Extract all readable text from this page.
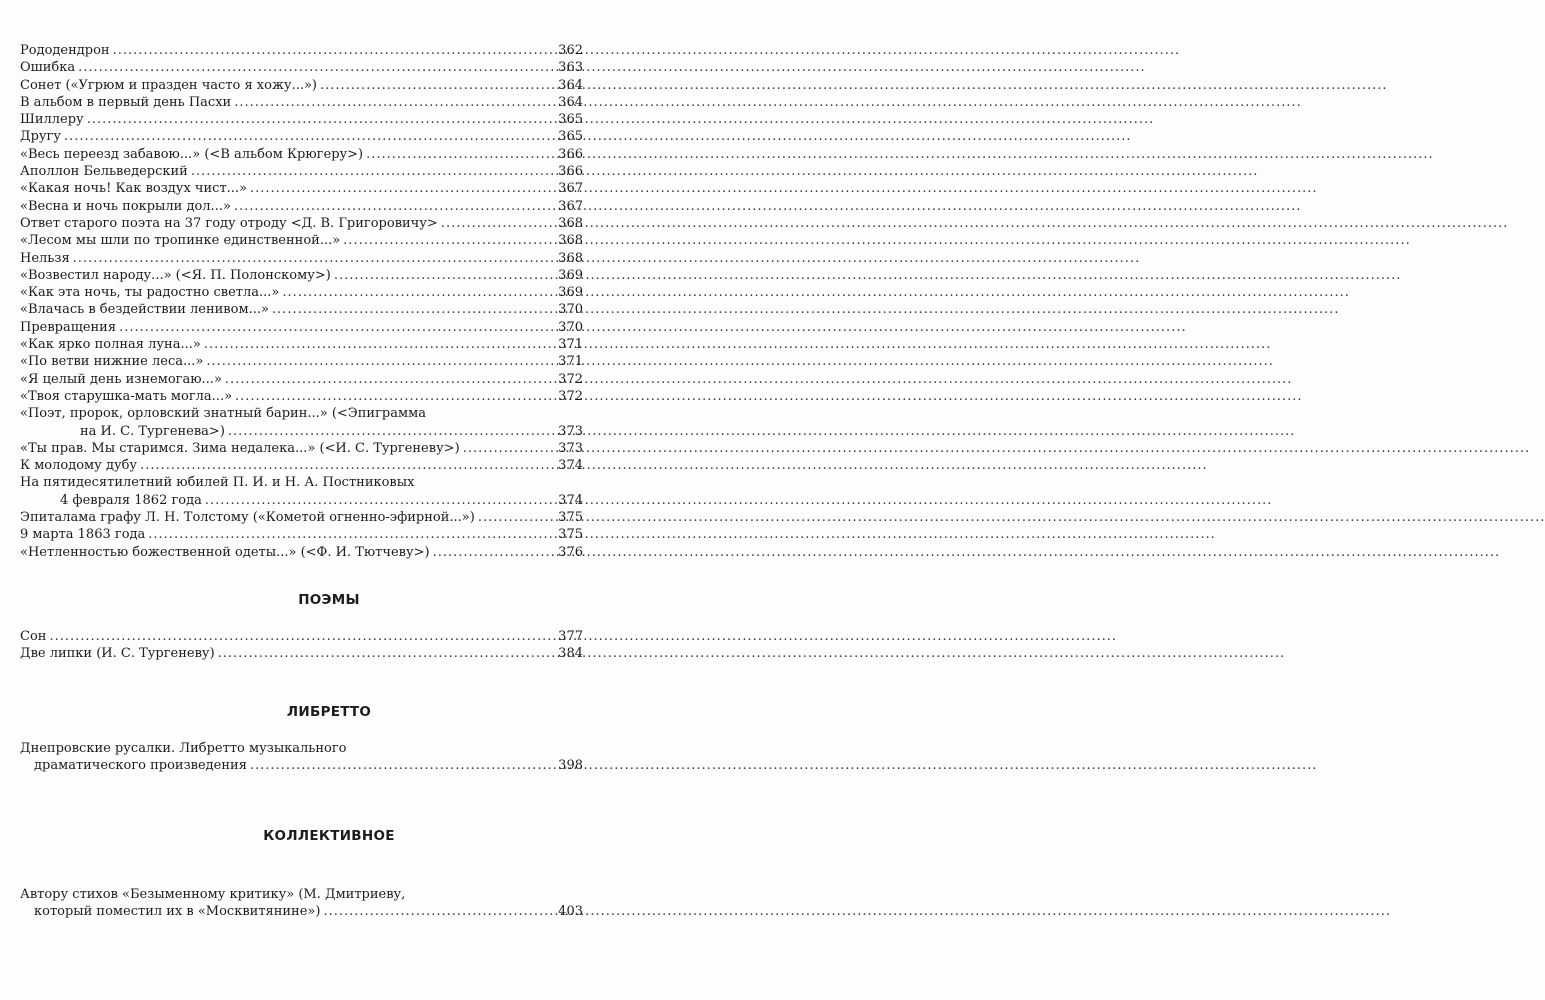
Рододендрон .....	362
Ошибка .....	363
Сонет («Угрюм и праздeн часто я хожу...») .....	364
В альбом в первый день Пасхи .....	364
Шиллеру .....	365
Другу .....	365
«Весь переезд забавою...» (<В альбом Крюгеру>) .....	366
Аполлон Бельведерский .....	366
«Какая ночь! Как воздух чист...» .....	367
«Весна и ночь покрыли дол...» .....	367
Ответ старого поэта на 37 году отроду <Д. В. Григоровичу> .....	368
«Лесом мы шли по тропинке единственной...» .....	368
Нельзя .....	368
«Возвестил народу...» (<Я. П. Полонскому>) .....	369
«Как эта ночь, ты радостно светла...» .....	369
«Влачась в бездействии ленивом...» .....	370
Превращения .....	370
«Как ярко полная луна...» .....	371
«По ветви нижние леса...» .....	371
«Я целый день изнемогаю...» .....	372
«Твоя старушка-мать могла...» .....	372
«Поэт, пророк, орловский знатный барин...» (<Эпиграмма
на И. С. Тургенева>) .....	373
«Ты прав. Мы старимся. Зима недалека...» (<И. С. Тургеневу>) .....	373
К молодому дубу .....	374
На пятидесятилетний юбилей П. И. и Н. А. Постниковых
4 февраля 1862 года .....	374
Эпиталама графу Л. Н. Толстому («Кометой огненно-эфирной...») .....	375
9 марта 1863 года .....	375
«Нетленностью божественной одеты...» (<Ф. И. Тютчеву>) .....	376
ПОЭМЫ
Сон .....	377
Две липки (И. С. Тургеневу) .....	384
ЛИБРЕТТО
Днепровские русалки. Либретто музыкального
драматического произведения .....	398
КОЛЛЕКТИВНОЕ
Автору стихов «Безыменному критику» (М. Дмитриеву,
который поместил их в «Москвитянине») .....	403
